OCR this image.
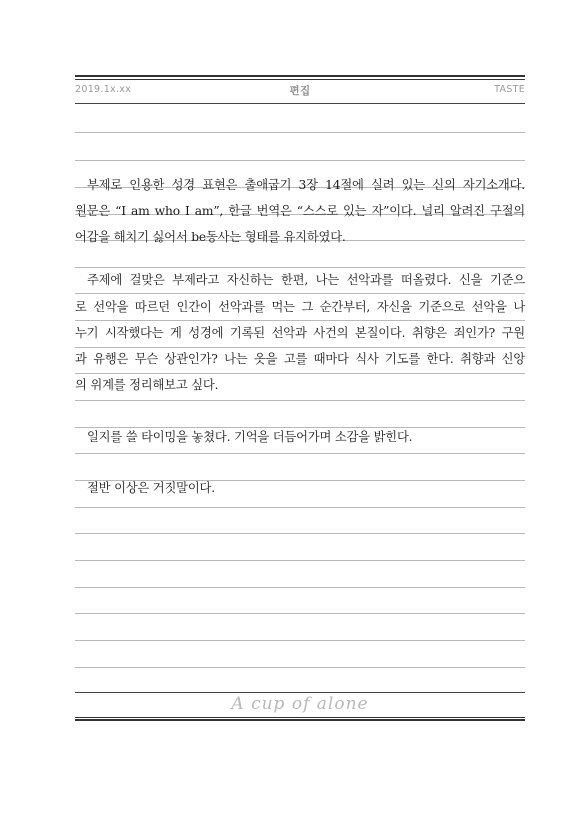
2019.1x.xx	편집	TASTE
부제로 인용한 성경 표현은 출애굽기 3장 14절에 실려 있는 신의 자기소개다.
원문은 “I am who I am”, 한글 번역은 “스스로 있는 자”이다. 널리 알려진 구절의
어감을 해치기 싫어서 be동사는 형태를 유지하였다.
주제에 걸맞은 부제라고 자신하는 한편, 나는 선악과를 떠올렸다. 신을 기준으
로 선악을 따르던 인간이 선악과를 먹는 그 순간부터, 자신을 기준으로 선악을 나
누기 시작했다는 게 성경에 기록된 선악과 사건의 본질이다. 취향은 죄인가? 구원
과 유행은 무슨 상관인가? 나는 옷을 고를 때마다 식사 기도를 한다. 취향과 신앙
의 위계를 정리해보고 싶다.
일지를 쓸 타이밍을 놓쳤다. 기억을 더듬어가며 소감을 밝힌다.
절반 이상은 거짓말이다.
A cup of alone
